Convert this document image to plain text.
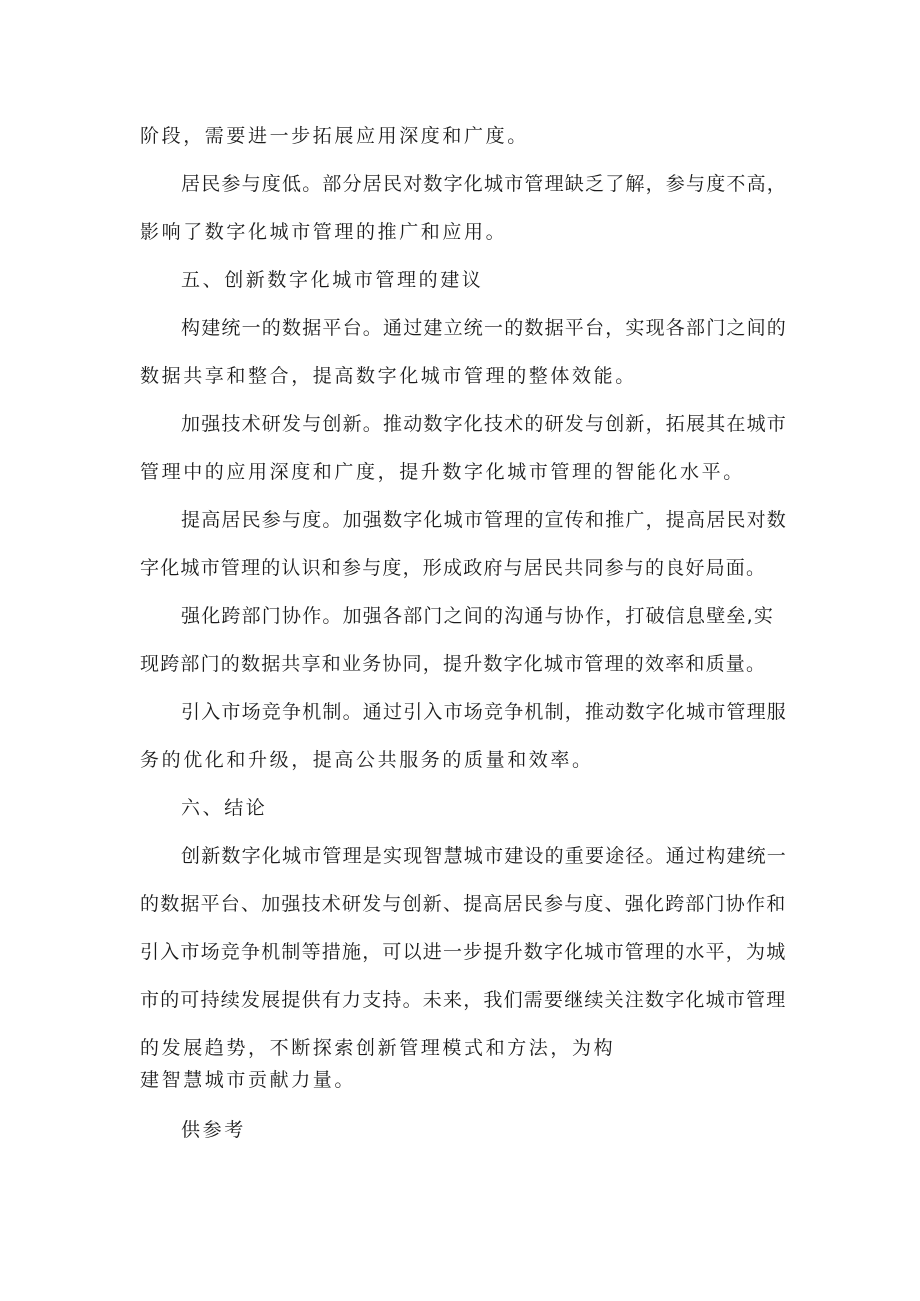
阶段，需要进一步拓展应用深度和广度。
居民参与度低。部分居民对数字化城市管理缺乏了解，参与度不高，
影响了数字化城市管理的推广和应用。
五、创新数字化城市管理的建议
构建统一的数据平台。通过建立统一的数据平台，实现各部门之间的
数据共享和整合，提高数字化城市管理的整体效能。
加强技术研发与创新。推动数字化技术的研发与创新，拓展其在城市
管理中的应用深度和广度，提升数字化城市管理的智能化水平。
提高居民参与度。加强数字化城市管理的宣传和推广，提高居民对数
字化城市管理的认识和参与度，形成政府与居民共同参与的良好局面。
强化跨部门协作。加强各部门之间的沟通与协作，打破信息壁垒,实
现跨部门的数据共享和业务协同，提升数字化城市管理的效率和质量。
引入市场竞争机制。通过引入市场竞争机制，推动数字化城市管理服
务的优化和升级，提高公共服务的质量和效率。
六、结论
创新数字化城市管理是实现智慧城市建设的重要途径。通过构建统一
的数据平台、加强技术研发与创新、提高居民参与度、强化跨部门协作和
引入市场竞争机制等措施，可以进一步提升数字化城市管理的水平，为城
市的可持续发展提供有力支持。未来，我们需要继续关注数字化城市管理
的发展趋势，不断探索创新管理模式和方法，为构
建智慧城市贡献力量。
供参考
